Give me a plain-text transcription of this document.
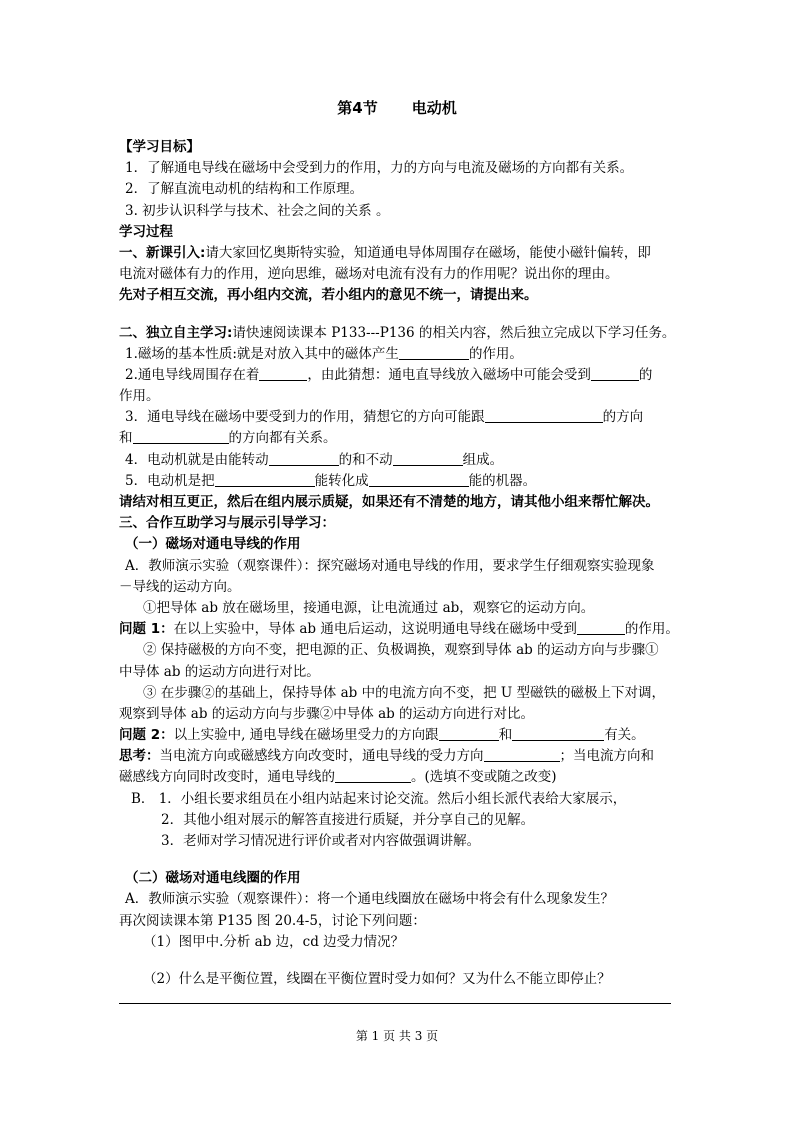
第4节 电动机
【学习目标】
1．了解通电导线在磁场中会受到力的作用，力的方向与电流及磁场的方向都有关系。
2．了解直流电动机的结构和工作原理。
3. 初步认识科学与技术、社会之间的关系 。
学习过程
一、新课引入:请大家回忆奥斯特实验，知道通电导体周围存在磁场，能使小磁针偏转，即
电流对磁体有力的作用，逆向思维，磁场对电流有没有力的作用呢？说出你的理由。
先对子相互交流，再小组内交流，若小组内的意见不统一，请提出来。
二、独立自主学习:请快速阅读课本 P133---P136 的相关内容，然后独立完成以下学习任务。
1.磁场的基本性质:就是对放入其中的磁体产生	的作用。
2.通电导线周围存在着	，由此猜想：通电直导线放入磁场中可能会受到	的
作用。
3．通电导线在磁场中要受到力的作用，猜想它的方向可能跟	的方向
和	的方向都有关系。
4．电动机就是由能转动	的和不动	组成。
5．电动机是把	能转化成	能的机器。
请结对相互更正，然后在组内展示质疑，如果还有不清楚的地方，请其他小组来帮忙解决。
三、合作互助学习与展示引导学习：
（一）磁场对通电导线的作用
A．教师演示实验（观察课件）：探究磁场对通电导线的作用，要求学生仔细观察实验现象
－导线的运动方向。
①把导体 ab 放在磁场里，接通电源，让电流通过 ab，观察它的运动方向。
问题 1：在以上实验中，导体 ab 通电后运动，这说明通电导线在磁场中受到	的作用。
② 保持磁极的方向不变，把电源的正、负极调换，观察到导体 ab 的运动方向与步骤①
中导体 ab 的运动方向进行对比。
③ 在步骤②的基础上，保持导体 ab 中的电流方向不变，把 U 型磁铁的磁极上下对调，
观察到导体 ab 的运动方向与步骤②中导体 ab 的运动方向进行对比。
问题 2：以上实验中, 通电导线在磁场里受力的方向跟	和	有关。
思考：当电流方向或磁感线方向改变时，通电导线的受力方向	；当电流方向和
磁感线方向同时改变时，通电导线的	。(选填不变或随之改变)
B． 1．小组长要求组员在小组内站起来讨论交流。然后小组长派代表给大家展示，
2．其他小组对展示的解答直接进行质疑，并分享自己的见解。
3．老师对学习情况进行评价或者对内容做强调讲解。
（二）磁场对通电线圈的作用
A．教师演示实验（观察课件）：将一个通电线圈放在磁场中将会有什么现象发生？
再次阅读课本第 P135 图 20.4-5，讨论下列问题：
（1）图甲中.分析 ab 边，cd 边受力情况？
（2）什么是平衡位置，线圈在平衡位置时受力如何？又为什么不能立即停止？
第 1 页 共 3 页
